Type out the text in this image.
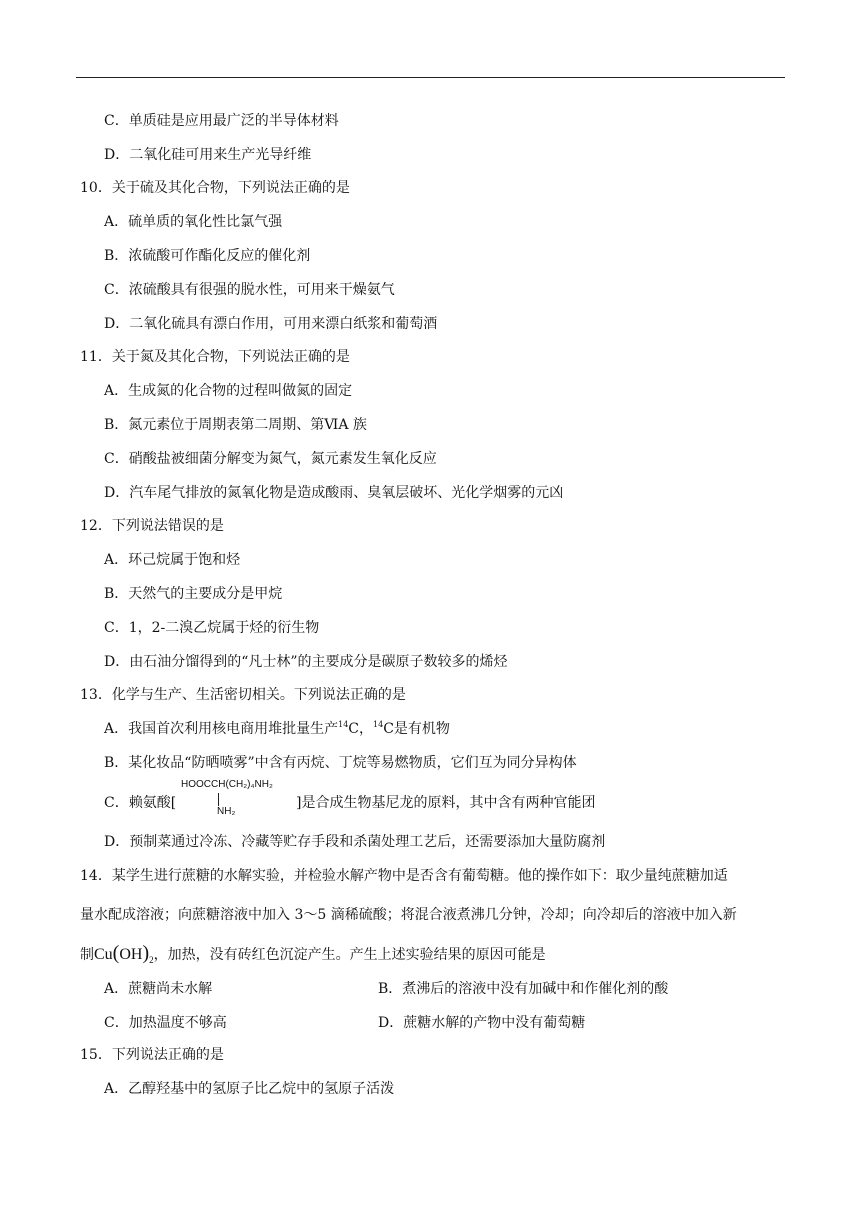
C．单质硅是应用最广泛的半导体材料
D．二氧化硅可用来生产光导纤维
10．关于硫及其化合物，下列说法正确的是
A．硫单质的氧化性比氯气强
B．浓硫酸可作酯化反应的催化剂
C．浓硫酸具有很强的脱水性，可用来干燥氨气
D．二氧化硫具有漂白作用，可用来漂白纸浆和葡萄酒
11．关于氮及其化合物，下列说法正确的是
A．生成氮的化合物的过程叫做氮的固定
B．氮元素位于周期表第二周期、第ⅥA 族
C．硝酸盐被细菌分解变为氮气，氮元素发生氧化反应
D．汽车尾气排放的氮氧化物是造成酸雨、臭氧层破坏、光化学烟雾的元凶
12．下列说法错误的是
A．环己烷属于饱和烃
B．天然气的主要成分是甲烷
C．1，2-二溴乙烷属于烃的衍生物
D．由石油分馏得到的“凡士林”的主要成分是碳原子数较多的烯烃
13．化学与生产、生活密切相关。下列说法正确的是
A．我国首次利用核电商用堆批量生产$^{14}$C，$^{14}$C是有机物
B．某化妆品“防晒喷雾”中含有丙烷、丁烷等易燃物质，它们互为同分异构体
C．赖氨酸[
HOOCCH(CH₂)₄NH₂
NH₂
]是合成生物基尼龙的原料，其中含有两种官能团
D．预制菜通过冷冻、冷藏等贮存手段和杀菌处理工艺后，还需要添加大量防腐剂
14．某学生进行蔗糖的水解实验，并检验水解产物中是否含有葡萄糖。他的操作如下：取少量纯蔗糖加适
量水配成溶液；向蔗糖溶液中加入 3～5 滴稀硫酸；将混合液煮沸几分钟，冷却；向冷却后的溶液中加入新
制$Cu(OH)_2$，加热，没有砖红色沉淀产生。产生上述实验结果的原因可能是
A．蔗糖尚未水解	B．煮沸后的溶液中没有加碱中和作催化剂的酸
C．加热温度不够高	D．蔗糖水解的产物中没有葡萄糖
15．下列说法正确的是
A．乙醇羟基中的氢原子比乙烷中的氢原子活泼
